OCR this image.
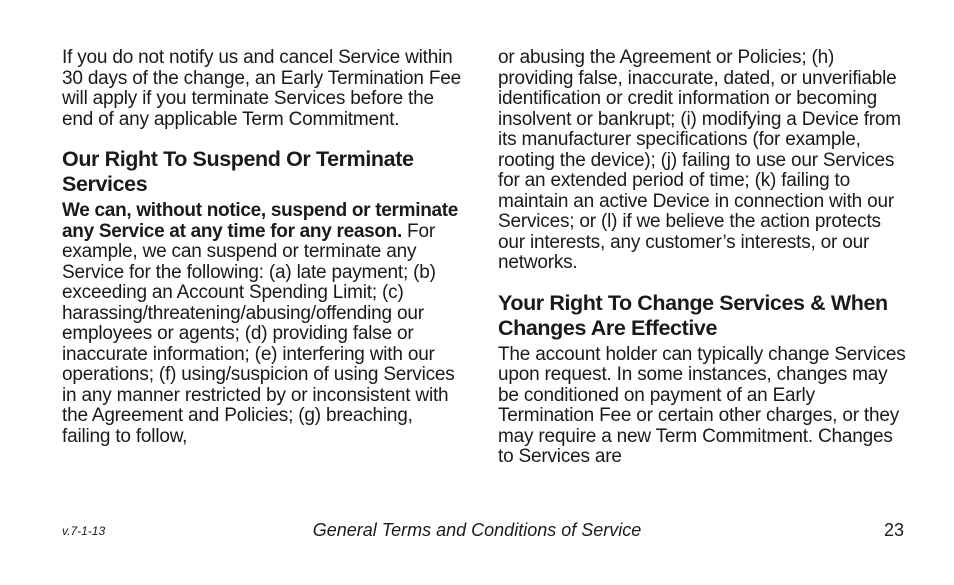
If you do not notify us and cancel Service within 30 days of the change, an Early Termination Fee will apply if you terminate Services before the end of any applicable Term Commitment.

Our Right To Suspend Or Terminate Services

We can, without notice, suspend or terminate any Service at any time for any reason. For example, we can suspend or terminate any Service for the following: (a) late payment; (b) exceeding an Account Spending Limit; (c) harassing/threatening/abusing/offending our employees or agents; (d) providing false or inaccurate information; (e) interfering with our operations; (f) using/suspicion of using Services in any manner restricted by or inconsistent with the Agreement and Policies; (g) breaching, failing to follow,

or abusing the Agreement or Policies; (h) providing false, inaccurate, dated, or unverifiable identification or credit information or becoming insolvent or bankrupt; (i) modifying a Device from its manufacturer specifications (for example, rooting the device); (j) failing to use our Services for an extended period of time; (k) failing to maintain an active Device in connection with our Services; or (l) if we believe the action protects our interests, any customer’s interests, or our networks.

Your Right To Change Services & When Changes Are Effective

The account holder can typically change Services upon request. In some instances, changes may be conditioned on payment of an Early Termination Fee or certain other charges, or they may require a new Term Commitment. Changes to Services are

v.7-1-13	General Terms and Conditions of Service	23
